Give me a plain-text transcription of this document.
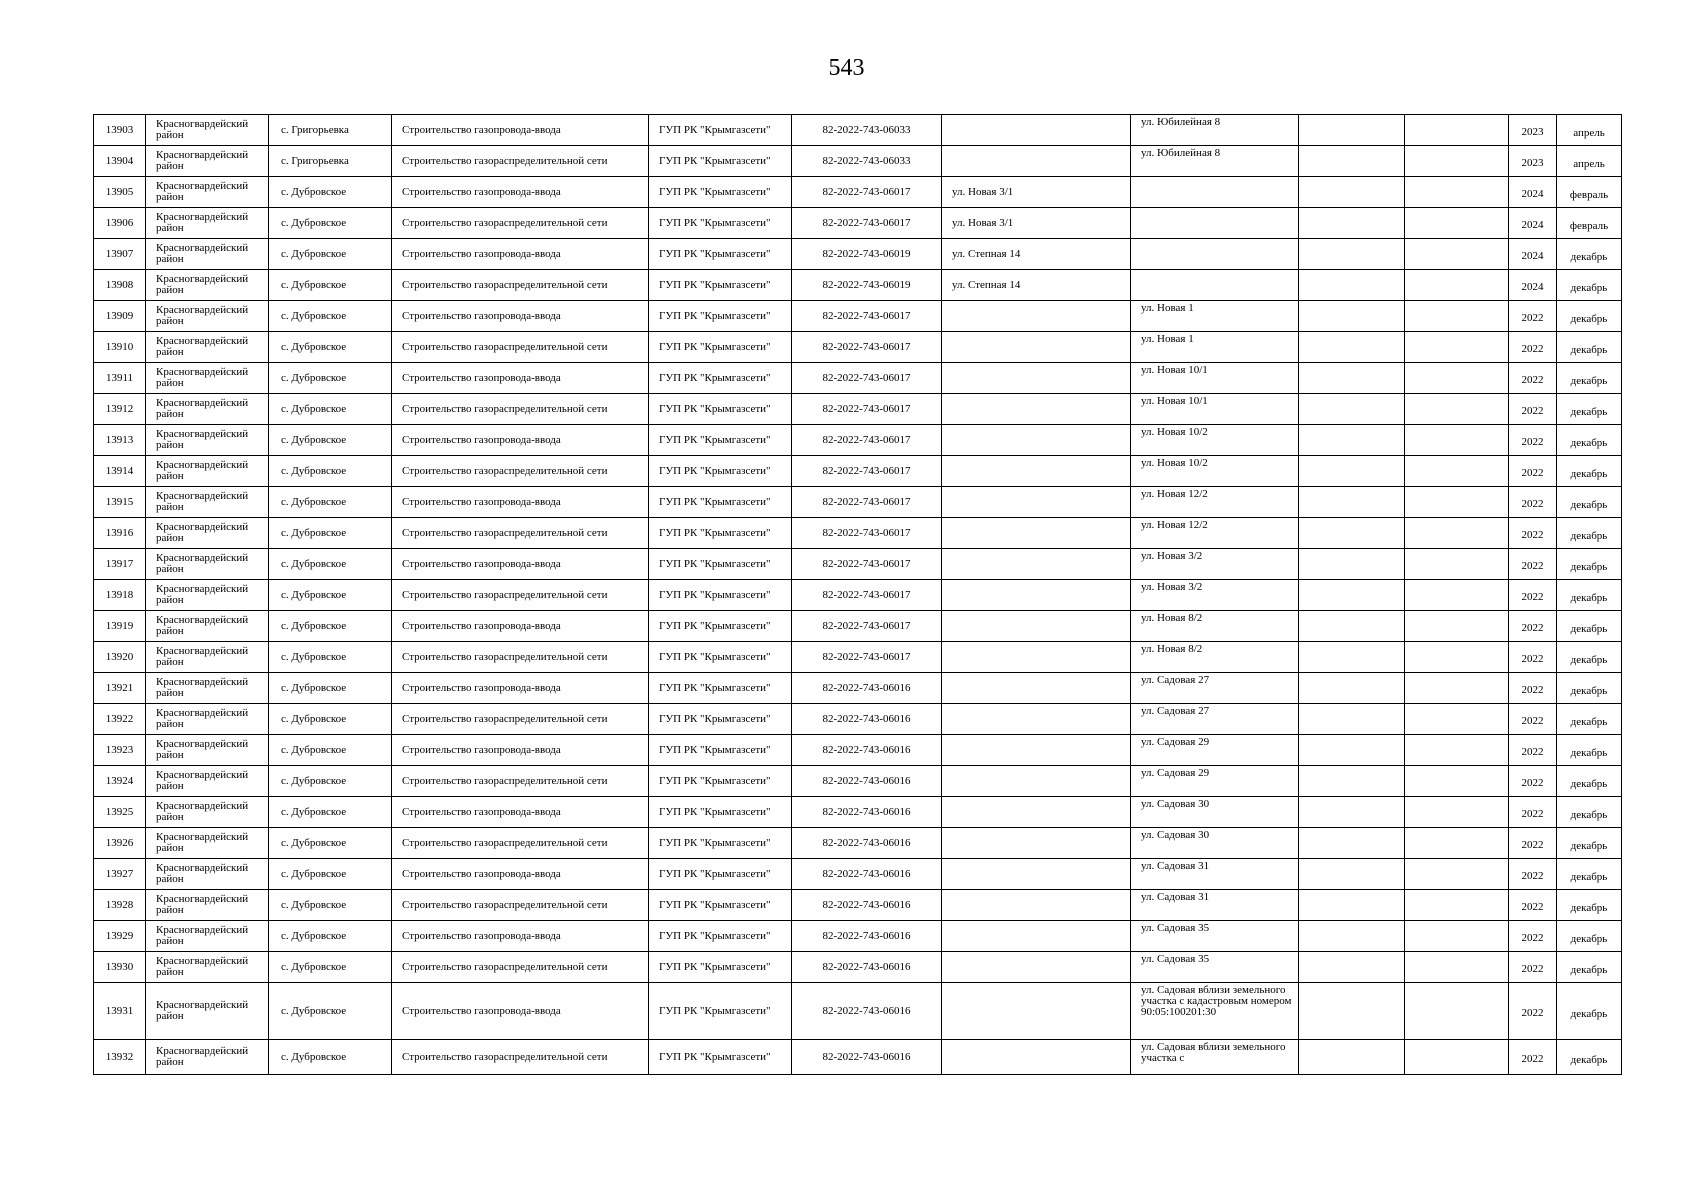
543
13903	Красногвардейский район	с. Григорьевка	Строительство газопровода-ввода	ГУП РК "Крымгазсети"	82-2022-743-06033		ул. Юбилейная 8			2023	апрель
13904	Красногвардейский район	с. Григорьевка	Строительство газораспределительной сети	ГУП РК "Крымгазсети"	82-2022-743-06033		ул. Юбилейная 8			2023	апрель
13905	Красногвардейский район	с. Дубровское	Строительство газопровода-ввода	ГУП РК "Крымгазсети"	82-2022-743-06017	ул. Новая 3/1				2024	февраль
13906	Красногвардейский район	с. Дубровское	Строительство газораспределительной сети	ГУП РК "Крымгазсети"	82-2022-743-06017	ул. Новая 3/1				2024	февраль
13907	Красногвардейский район	с. Дубровское	Строительство газопровода-ввода	ГУП РК "Крымгазсети"	82-2022-743-06019	ул. Степная 14				2024	декабрь
13908	Красногвардейский район	с. Дубровское	Строительство газораспределительной сети	ГУП РК "Крымгазсети"	82-2022-743-06019	ул. Степная 14				2024	декабрь
13909	Красногвардейский район	с. Дубровское	Строительство газопровода-ввода	ГУП РК "Крымгазсети"	82-2022-743-06017		ул. Новая 1			2022	декабрь
13910	Красногвардейский район	с. Дубровское	Строительство газораспределительной сети	ГУП РК "Крымгазсети"	82-2022-743-06017		ул. Новая 1			2022	декабрь
13911	Красногвардейский район	с. Дубровское	Строительство газопровода-ввода	ГУП РК "Крымгазсети"	82-2022-743-06017		ул. Новая 10/1			2022	декабрь
13912	Красногвардейский район	с. Дубровское	Строительство газораспределительной сети	ГУП РК "Крымгазсети"	82-2022-743-06017		ул. Новая 10/1			2022	декабрь
13913	Красногвардейский район	с. Дубровское	Строительство газопровода-ввода	ГУП РК "Крымгазсети"	82-2022-743-06017		ул. Новая 10/2			2022	декабрь
13914	Красногвардейский район	с. Дубровское	Строительство газораспределительной сети	ГУП РК "Крымгазсети"	82-2022-743-06017		ул. Новая 10/2			2022	декабрь
13915	Красногвардейский район	с. Дубровское	Строительство газопровода-ввода	ГУП РК "Крымгазсети"	82-2022-743-06017		ул. Новая 12/2			2022	декабрь
13916	Красногвардейский район	с. Дубровское	Строительство газораспределительной сети	ГУП РК "Крымгазсети"	82-2022-743-06017		ул. Новая 12/2			2022	декабрь
13917	Красногвардейский район	с. Дубровское	Строительство газопровода-ввода	ГУП РК "Крымгазсети"	82-2022-743-06017		ул. Новая 3/2			2022	декабрь
13918	Красногвардейский район	с. Дубровское	Строительство газораспределительной сети	ГУП РК "Крымгазсети"	82-2022-743-06017		ул. Новая 3/2			2022	декабрь
13919	Красногвардейский район	с. Дубровское	Строительство газопровода-ввода	ГУП РК "Крымгазсети"	82-2022-743-06017		ул. Новая 8/2			2022	декабрь
13920	Красногвардейский район	с. Дубровское	Строительство газораспределительной сети	ГУП РК "Крымгазсети"	82-2022-743-06017		ул. Новая 8/2			2022	декабрь
13921	Красногвардейский район	с. Дубровское	Строительство газопровода-ввода	ГУП РК "Крымгазсети"	82-2022-743-06016		ул. Садовая 27			2022	декабрь
13922	Красногвардейский район	с. Дубровское	Строительство газораспределительной сети	ГУП РК "Крымгазсети"	82-2022-743-06016		ул. Садовая 27			2022	декабрь
13923	Красногвардейский район	с. Дубровское	Строительство газопровода-ввода	ГУП РК "Крымгазсети"	82-2022-743-06016		ул. Садовая 29			2022	декабрь
13924	Красногвардейский район	с. Дубровское	Строительство газораспределительной сети	ГУП РК "Крымгазсети"	82-2022-743-06016		ул. Садовая 29			2022	декабрь
13925	Красногвардейский район	с. Дубровское	Строительство газопровода-ввода	ГУП РК "Крымгазсети"	82-2022-743-06016		ул. Садовая 30			2022	декабрь
13926	Красногвардейский район	с. Дубровское	Строительство газораспределительной сети	ГУП РК "Крымгазсети"	82-2022-743-06016		ул. Садовая 30			2022	декабрь
13927	Красногвардейский район	с. Дубровское	Строительство газопровода-ввода	ГУП РК "Крымгазсети"	82-2022-743-06016		ул. Садовая 31			2022	декабрь
13928	Красногвардейский район	с. Дубровское	Строительство газораспределительной сети	ГУП РК "Крымгазсети"	82-2022-743-06016		ул. Садовая 31			2022	декабрь
13929	Красногвардейский район	с. Дубровское	Строительство газопровода-ввода	ГУП РК "Крымгазсети"	82-2022-743-06016		ул. Садовая 35			2022	декабрь
13930	Красногвардейский район	с. Дубровское	Строительство газораспределительной сети	ГУП РК "Крымгазсети"	82-2022-743-06016		ул. Садовая 35			2022	декабрь
13931	Красногвардейский район	с. Дубровское	Строительство газопровода-ввода	ГУП РК "Крымгазсети"	82-2022-743-06016		ул. Садовая вблизи земельного участка с кадастровым номером 90:05:100201:30			2022	декабрь
13932	Красногвардейский район	с. Дубровское	Строительство газораспределительной сети	ГУП РК "Крымгазсети"	82-2022-743-06016		ул. Садовая вблизи земельного участка с			2022	декабрь
